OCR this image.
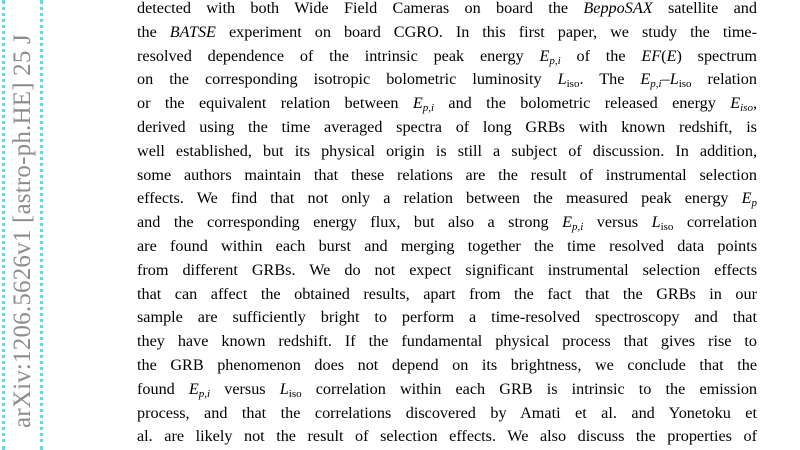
arXiv:1206.5626v1 [astro-ph.HE] 25 J
detected with both Wide Field Cameras on board the BeppoSAX satellite and
the BATSE experiment on board CGRO. In this first paper, we study the time-
resolved dependence of the intrinsic peak energy $E_{p,i}$ of the EF(E) spectrum
on the corresponding isotropic bolometric luminosity Liso. The $E_{p,i}$–Liso relation
or the equivalent relation between $E_{p,i}$ and the bolometric released energy $E_{iso}$,
derived using the time averaged spectra of long GRBs with known redshift, is
well established, but its physical origin is still a subject of discussion. In addition,
some authors maintain that these relations are the result of instrumental selection
effects. We find that not only a relation between the measured peak energy $E_p$
and the corresponding energy flux, but also a strong $E_{p,i}$ versus Liso correlation
are found within each burst and merging together the time resolved data points
from different GRBs. We do not expect significant instrumental selection effects
that can affect the obtained results, apart from the fact that the GRBs in our
sample are sufficiently bright to perform a time-resolved spectroscopy and that
they have known redshift. If the fundamental physical process that gives rise to
the GRB phenomenon does not depend on its brightness, we conclude that the
found $E_{p,i}$ versus Liso correlation within each GRB is intrinsic to the emission
process, and that the correlations discovered by Amati et al. and Yonetoku et
al. are likely not the result of selection effects. We also discuss the properties of
